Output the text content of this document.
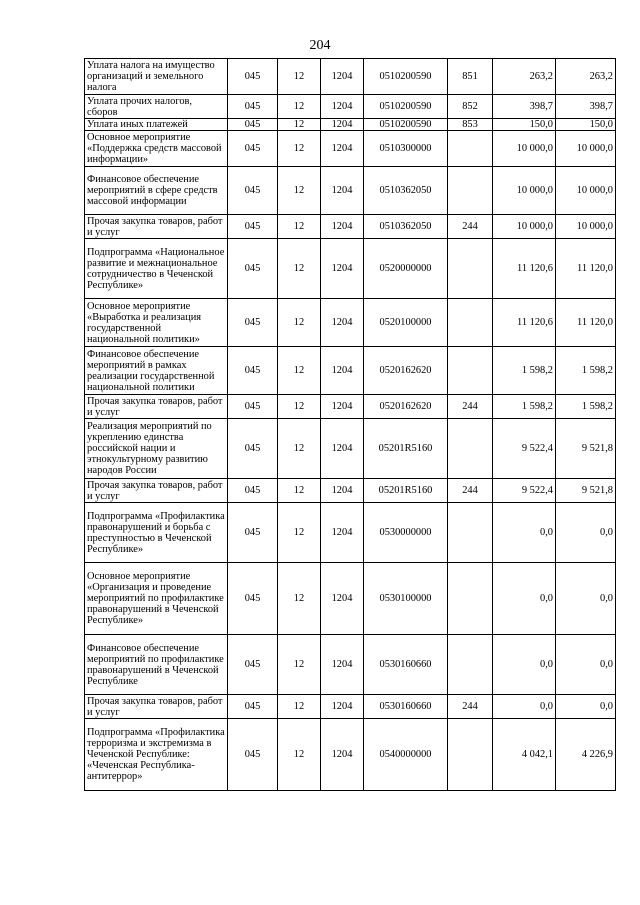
204
Уплата налога на имущество организаций и земельного налога	045	12	1204	0510200590	851	263,2	263,2
Уплата прочих налогов, сборов	045	12	1204	0510200590	852	398,7	398,7
Уплата иных платежей	045	12	1204	0510200590	853	150,0	150,0
Основное мероприятие «Поддержка средств массовой информации»	045	12	1204	0510300000		10 000,0	10 000,0
Финансовое обеспечение мероприятий в сфере средств массовой информации	045	12	1204	0510362050		10 000,0	10 000,0
Прочая закупка товаров, работ и услуг	045	12	1204	0510362050	244	10 000,0	10 000,0
Подпрограмма «Национальное развитие и межнациональное сотрудничество в Чеченской Республике»	045	12	1204	0520000000		11 120,6	11 120,0
Основное мероприятие «Выработка и реализация государственной национальной политики»	045	12	1204	0520100000		11 120,6	11 120,0
Финансовое обеспечение мероприятий в рамках реализации государственной национальной политики	045	12	1204	0520162620		1 598,2	1 598,2
Прочая закупка товаров, работ и услуг	045	12	1204	0520162620	244	1 598,2	1 598,2
Реализация мероприятий по укреплению единства российской нации и этнокультурному развитию народов России	045	12	1204	05201R5160		9 522,4	9 521,8
Прочая закупка товаров, работ и услуг	045	12	1204	05201R5160	244	9 522,4	9 521,8
Подпрограмма «Профилактика правонарушений и борьба с преступностью в Чеченской Республике»	045	12	1204	0530000000		0,0	0,0
Основное мероприятие «Организация и проведение мероприятий по профилактике правонарушений в Чеченской Республике»	045	12	1204	0530100000		0,0	0,0
Финансовое обеспечение мероприятий по профилактике правонарушений в Чеченской Республике	045	12	1204	0530160660		0,0	0,0
Прочая закупка товаров, работ и услуг	045	12	1204	0530160660	244	0,0	0,0
Подпрограмма «Профилактика терроризма и экстремизма в Чеченской Республике: «Чеченская Республика-антитеррор»	045	12	1204	0540000000		4 042,1	4 226,9
